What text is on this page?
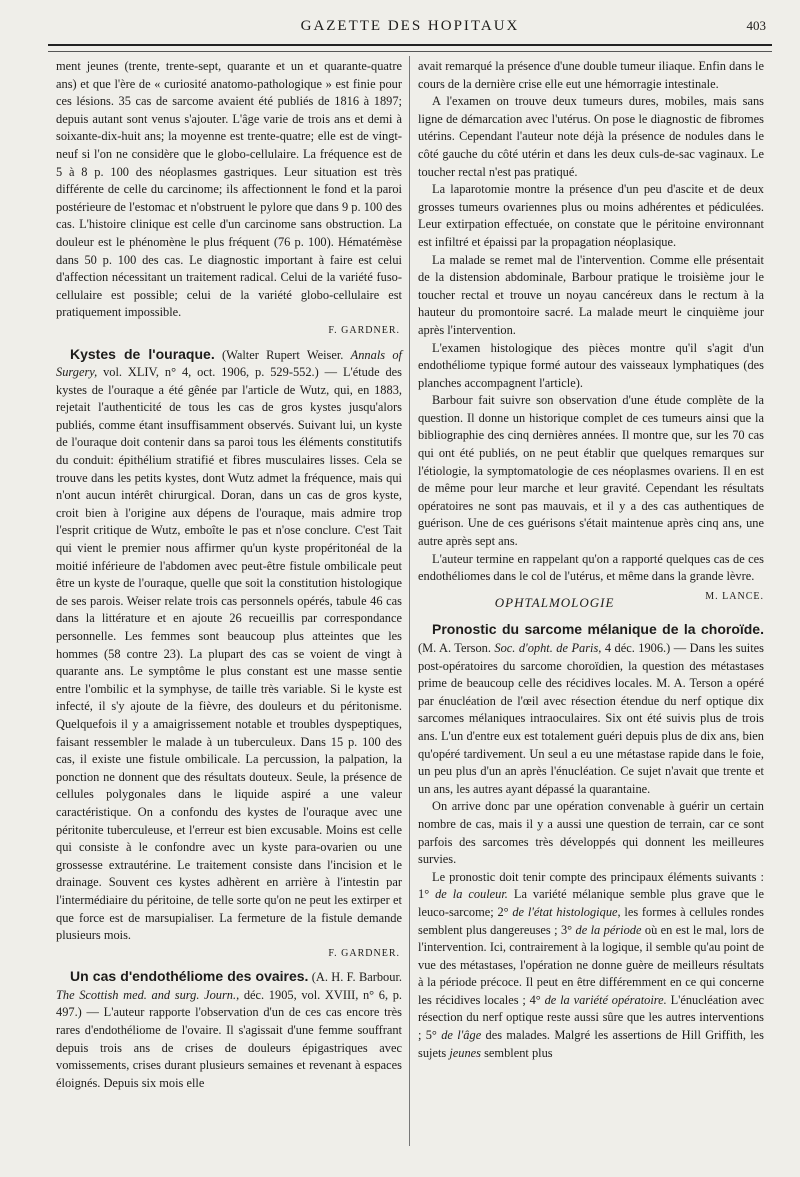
GAZETTE DES HOPITAUX	403

ment jeunes (trente, trente-sept, quarante et un et quarante-quatre ans) et que l'ère de « curiosité anatomo-pathologique » est finie pour ces lésions. 35 cas de sarcome avaient été publiés de 1816 à 1897; depuis autant sont venus s'ajouter. L'âge varie de trois ans et demi à soixante-dix-huit ans; la moyenne est trente-quatre; elle est de vingt-neuf si l'on ne considère que le globo-cellulaire. La fréquence est de 5 à 8 p. 100 des néoplasmes gastriques. Leur situation est très différente de celle du carcinome; ils affectionnent le fond et la paroi postérieure de l'estomac et n'obstruent le pylore que dans 9 p. 100 des cas. L'histoire clinique est celle d'un carcinome sans obstruction. La douleur est le phénomène le plus fréquent (76 p. 100). Hématémèse dans 50 p. 100 des cas. Le diagnostic important à faire est celui d'affection nécessitant un traitement radical. Celui de la variété fuso-cellulaire est possible; celui de la variété globo-cellulaire est pratiquement impossible.

F. GARDNER.

Kystes de l'ouraque. (Walter Rupert Weiser. Annals of Surgery, vol. XLIV, n° 4, oct. 1906, p. 529-552.) — L'étude des kystes de l'ouraque a été gênée par l'article de Wutz, qui, en 1883, rejetait l'authenticité de tous les cas de gros kystes jusqu'alors publiés, comme étant insuffisamment observés. Suivant lui, un kyste de l'ouraque doit contenir dans sa paroi tous les éléments constitutifs du conduit: épithélium stratifié et fibres musculaires lisses. Cela se trouve dans les petits kystes, dont Wutz admet la fréquence, mais qui n'ont aucun intérêt chirurgical. Doran, dans un cas de gros kyste, croit bien à l'origine aux dépens de l'ouraque, mais admire trop l'esprit critique de Wutz, emboîte le pas et n'ose conclure. C'est Tait qui vient le premier nous affirmer qu'un kyste propéritonéal de la moitié inférieure de l'abdomen avec peut-être fistule ombilicale peut être un kyste de l'ouraque, quelle que soit la constitution histologique de ses parois. Weiser relate trois cas personnels opérés, tabule 46 cas dans la littérature et en ajoute 26 recueillis par correspondance personnelle. Les femmes sont beaucoup plus atteintes que les hommes (58 contre 23). La plupart des cas se voient de vingt à quarante ans. Le symptôme le plus constant est une masse sentie entre l'ombilic et la symphyse, de taille très variable. Si le kyste est infecté, il s'y ajoute de la fièvre, des douleurs et du péritonisme. Quelquefois il y a amaigrissement notable et troubles dyspeptiques, faisant ressembler le malade à un tuberculeux. Dans 15 p. 100 des cas, il existe une fistule ombilicale. La percussion, la palpation, la ponction ne donnent que des résultats douteux. Seule, la présence de cellules polygonales dans le liquide aspiré a une valeur caractéristique. On a confondu des kystes de l'ouraque avec une péritonite tuberculeuse, et l'erreur est bien excusable. Moins est celle qui consiste à le confondre avec un kyste para-ovarien ou une grossesse extrautérine. Le traitement consiste dans l'incision et le drainage. Souvent ces kystes adhèrent en arrière à l'intestin par l'intermédiaire du péritoine, de telle sorte qu'on ne peut les extirper et que force est de marsupialiser. La fermeture de la fistule demande plusieurs mois.

F. GARDNER.

Un cas d'endothéliome des ovaires. (A. H. F. Barbour. The Scottish med. and surg. Journ., déc. 1905, vol. XVIII, n° 6, p. 497.) — L'auteur rapporte l'observation d'un de ces cas encore très rares d'endothéliome de l'ovaire. Il s'agissait d'une femme souffrant depuis trois ans de crises de douleurs épigastriques avec vomissements, crises durant plusieurs semaines et revenant à espaces éloignés. Depuis six mois elle

avait remarqué la présence d'une double tumeur iliaque. Enfin dans le cours de la dernière crise elle eut une hémorragie intestinale.

A l'examen on trouve deux tumeurs dures, mobiles, mais sans ligne de démarcation avec l'utérus. On pose le diagnostic de fibromes utérins. Cependant l'auteur note déjà la présence de nodules dans le côté gauche du côté utérin et dans les deux culs-de-sac vaginaux. Le toucher rectal n'est pas pratiqué.

La laparotomie montre la présence d'un peu d'ascite et de deux grosses tumeurs ovariennes plus ou moins adhérentes et pédiculées. Leur extirpation effectuée, on constate que le péritoine environnant est infiltré et épaissi par la propagation néoplasique.

La malade se remet mal de l'intervention. Comme elle présentait de la distension abdominale, Barbour pratique le troisième jour le toucher rectal et trouve un noyau cancéreux dans le rectum à la hauteur du promontoire sacré. La malade meurt le cinquième jour après l'intervention.

L'examen histologique des pièces montre qu'il s'agit d'un endothéliome typique formé autour des vaisseaux lymphatiques (des planches accompagnent l'article).

Barbour fait suivre son observation d'une étude complète de la question. Il donne un historique complet de ces tumeurs ainsi que la bibliographie des cinq dernières années. Il montre que, sur les 70 cas qui ont été publiés, on ne peut établir que quelques remarques sur l'étiologie, la symptomatologie de ces néoplasmes ovariens. Il en est de même pour leur marche et leur gravité. Cependant les résultats opératoires ne sont pas mauvais, et il y a des cas authentiques de guérison. Une de ces guérisons s'était maintenue après cinq ans, une autre après sept ans.

L'auteur termine en rappelant qu'on a rapporté quelques cas de ces endothéliomes dans le col de l'utérus, et même dans la grande lèvre.
M. LANCE.

OPHTALMOLOGIE

Pronostic du sarcome mélanique de la choroïde. (M. A. Terson. Soc. d'opht. de Paris, 4 déc. 1906.) — Dans les suites post-opératoires du sarcome choroïdien, la question des métastases prime de beaucoup celle des récidives locales. M. A. Terson a opéré par énucléation de l'œil avec résection étendue du nerf optique dix sarcomes mélaniques intraoculaires. Six ont été suivis plus de trois ans. L'un d'entre eux est totalement guéri depuis plus de dix ans, bien qu'opéré tardivement. Un seul a eu une métastase rapide dans le foie, un peu plus d'un an après l'énucléation. Ce sujet n'avait que trente et un ans, les autres ayant dépassé la quarantaine.

On arrive donc par une opération convenable à guérir un certain nombre de cas, mais il y a aussi une question de terrain, car ce sont parfois des sarcomes très développés qui donnent les meilleures survies.

Le pronostic doit tenir compte des principaux éléments suivants : 1° de la couleur. La variété mélanique semble plus grave que le leuco-sarcome; 2° de l'état histologique, les formes à cellules rondes semblent plus dangereuses ; 3° de la période où en est le mal, lors de l'intervention. Ici, contrairement à la logique, il semble qu'au point de vue des métastases, l'opération ne donne guère de meilleurs résultats à la période précoce. Il peut en être différemment en ce qui concerne les récidives locales ; 4° de la variété opératoire. L'énucléation avec résection du nerf optique reste aussi sûre que les autres interventions ; 5° de l'âge des malades. Malgré les assertions de Hill Griffith, les sujets jeunes semblent plus
